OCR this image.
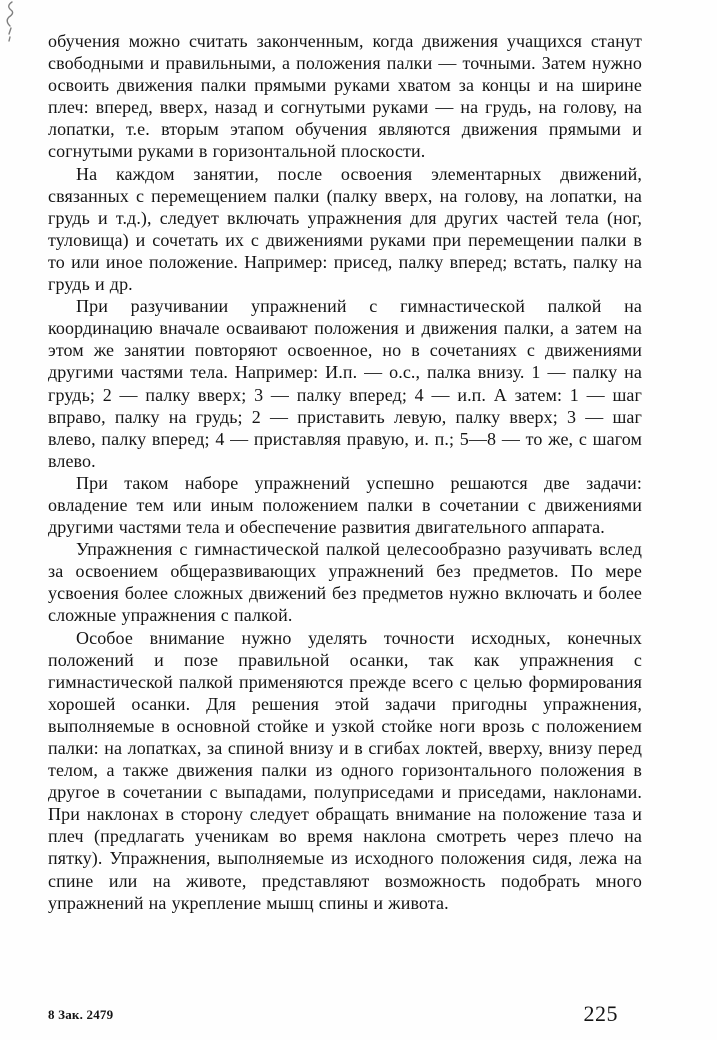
обучения можно считать законченным, когда движения учащихся станут свободными и правильными, а положения палки — точными. Затем нужно освоить движения палки прямыми руками хватом за концы и на ширине плеч: вперед, вверх, назад и согнутыми руками — на грудь, на голову, на лопатки, т.е. вторым этапом обучения являются движения прямыми и согнутыми руками в горизонтальной плоскости.

На каждом занятии, после освоения элементарных движений, связанных с перемещением палки (палку вверх, на голову, на лопатки, на грудь и т.д.), следует включать упражнения для других частей тела (ног, туловища) и сочетать их с движениями руками при перемещении палки в то или иное положение. Например: присед, палку вперед; встать, палку на грудь и др.

При разучивании упражнений с гимнастической палкой на координацию вначале осваивают положения и движения палки, а затем на этом же занятии повторяют освоенное, но в сочетаниях с движениями другими частями тела. Например: И.п. — о.с., палка внизу. 1 — палку на грудь; 2 — палку вверх; 3 — палку вперед; 4 — и.п. А затем: 1 — шаг вправо, палку на грудь; 2 — приставить левую, палку вверх; 3 — шаг влево, палку вперед; 4 — приставляя правую, и. п.; 5—8 — то же, с шагом влево.

При таком наборе упражнений успешно решаются две задачи: овладение тем или иным положением палки в сочетании с движениями другими частями тела и обеспечение развития двигательного аппарата.

Упражнения с гимнастической палкой целесообразно разучивать вслед за освоением общеразвивающих упражнений без предметов. По мере усвоения более сложных движений без предметов нужно включать и более сложные упражнения с палкой.

Особое внимание нужно уделять точности исходных, конечных положений и позе правильной осанки, так как упражнения с гимнастической палкой применяются прежде всего с целью формирования хорошей осанки. Для решения этой задачи пригодны упражнения, выполняемые в основной стойке и узкой стойке ноги врозь с положением палки: на лопатках, за спиной внизу и в сгибах локтей, вверху, внизу перед телом, а также движения палки из одного горизонтального положения в другое в сочетании с выпадами, полуприседами и приседами, наклонами. При наклонах в сторону следует обращать внимание на положение таза и плеч (предлагать ученикам во время наклона смотреть через плечо на пятку). Упражнения, выполняемые из исходного положения сидя, лежа на спине или на животе, представляют возможность подобрать много упражнений на укрепление мышц спины и живота.

8 Зак. 2479	225
